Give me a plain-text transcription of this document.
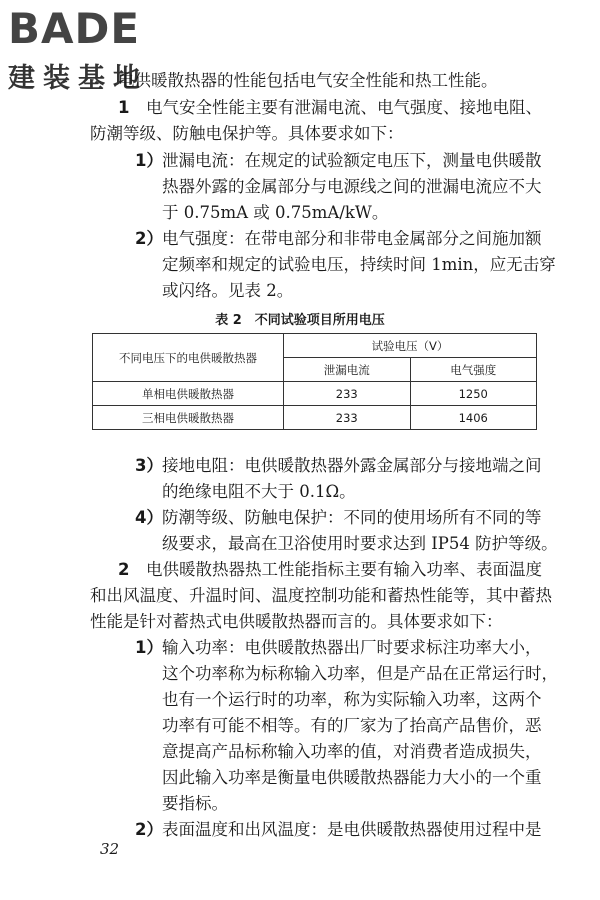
BADE
建装基地

电供暖散热器的性能包括电气安全性能和热工性能。

1 电气安全性能主要有泄漏电流、电气强度、接地电阻、

防潮等级、防触电保护等。具体要求如下：

1） 泄漏电流：在规定的试验额定电压下，测量电供暖散

热器外露的金属部分与电源线之间的泄漏电流应不大

于 0.75mA 或 0.75mA/kW。

2） 电气强度：在带电部分和非带电金属部分之间施加额

定频率和规定的试验电压，持续时间 1min，应无击穿

或闪络。见表 2。

表 2　不同试验项目所用电压
不同电压下的电供暖散热器	试验电压（V）	
	泄漏电流	电气强度
单相电供暖散热器	233	1250
三相电供暖散热器	233	1406

3） 接地电阻：电供暖散热器外露金属部分与接地端之间

的绝缘电阻不大于 0.1Ω。

4） 防潮等级、防触电保护：不同的使用场所有不同的等

级要求，最高在卫浴使用时要求达到 IP54 防护等级。

2 电供暖散热器热工性能指标主要有输入功率、表面温度

和出风温度、升温时间、温度控制功能和蓄热性能等，其中蓄热

性能是针对蓄热式电供暖散热器而言的。具体要求如下：

1） 输入功率：电供暖散热器出厂时要求标注功率大小，

这个功率称为标称输入功率，但是产品在正常运行时，

也有一个运行时的功率，称为实际输入功率，这两个

功率有可能不相等。有的厂家为了抬高产品售价，恶

意提高产品标称输入功率的值，对消费者造成损失，

因此输入功率是衡量电供暖散热器能力大小的一个重

要指标。

2） 表面温度和出风温度：是电供暖散热器使用过程中是

32
